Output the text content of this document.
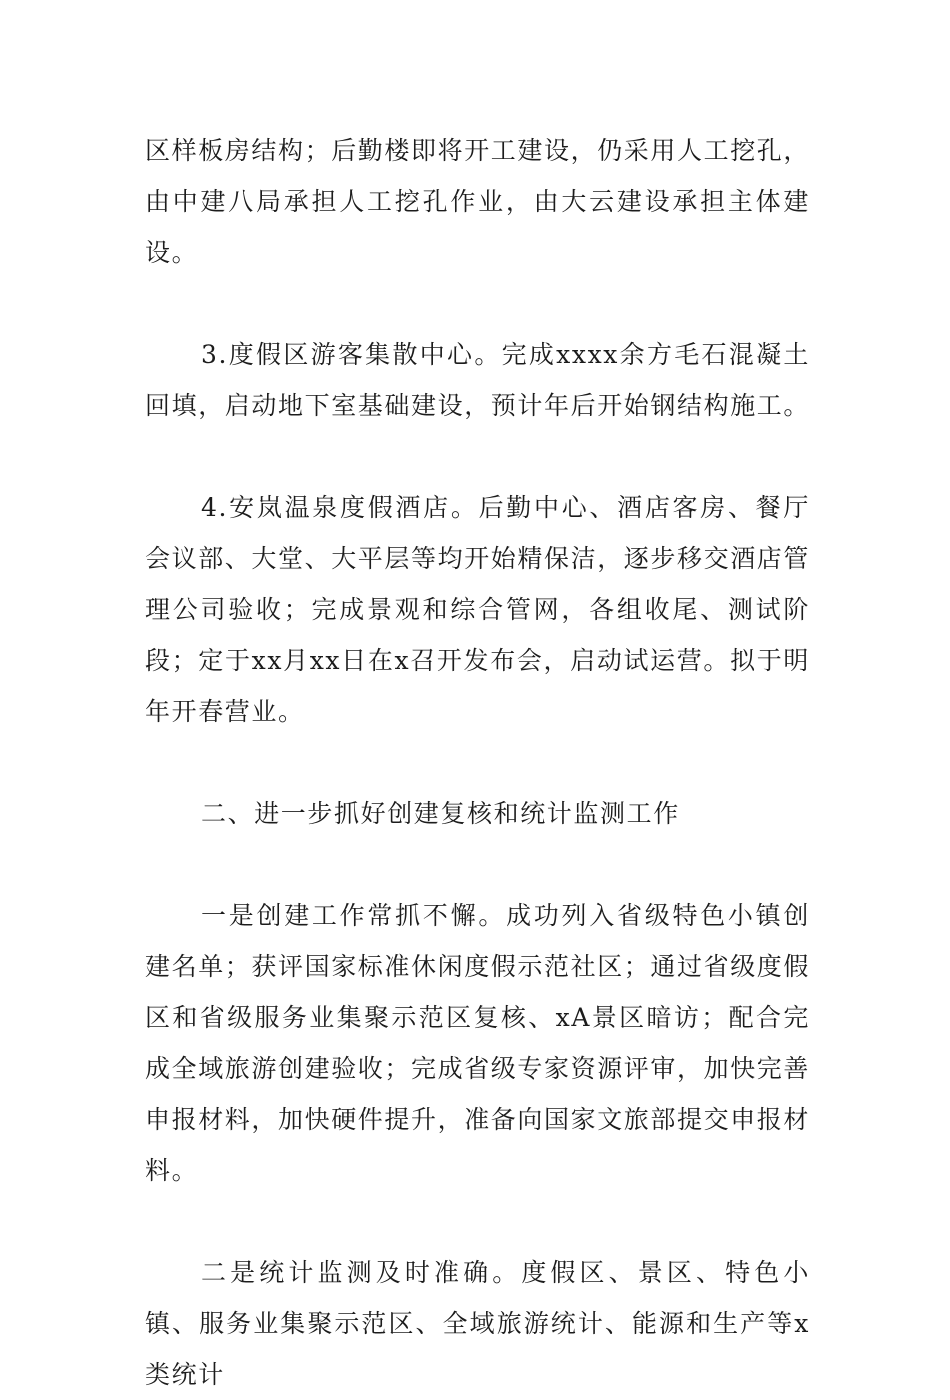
区样板房结构；后勤楼即将开工建设，仍采用人工挖孔，由中建八局承担人工挖孔作业，由大云建设承担主体建设。

3.度假区游客集散中心。完成xxxx余方毛石混凝土回填，启动地下室基础建设，预计年后开始钢结构施工。

4.安岚温泉度假酒店。后勤中心、酒店客房、餐厅会议部、大堂、大平层等均开始精保洁，逐步移交酒店管理公司验收；完成景观和综合管网，各组收尾、测试阶段；定于xx月xx日在x召开发布会，启动试运营。拟于明年开春营业。

二、进一步抓好创建复核和统计监测工作

一是创建工作常抓不懈。成功列入省级特色小镇创建名单；获评国家标准休闲度假示范社区；通过省级度假区和省级服务业集聚示范区复核、xA景区暗访；配合完成全域旅游创建验收；完成省级专家资源评审，加快完善申报材料，加快硬件提升，准备向国家文旅部提交申报材料。

二是统计监测及时准确。度假区、景区、特色小镇、服务业集聚示范区、全域旅游统计、能源和生产等x类统计
